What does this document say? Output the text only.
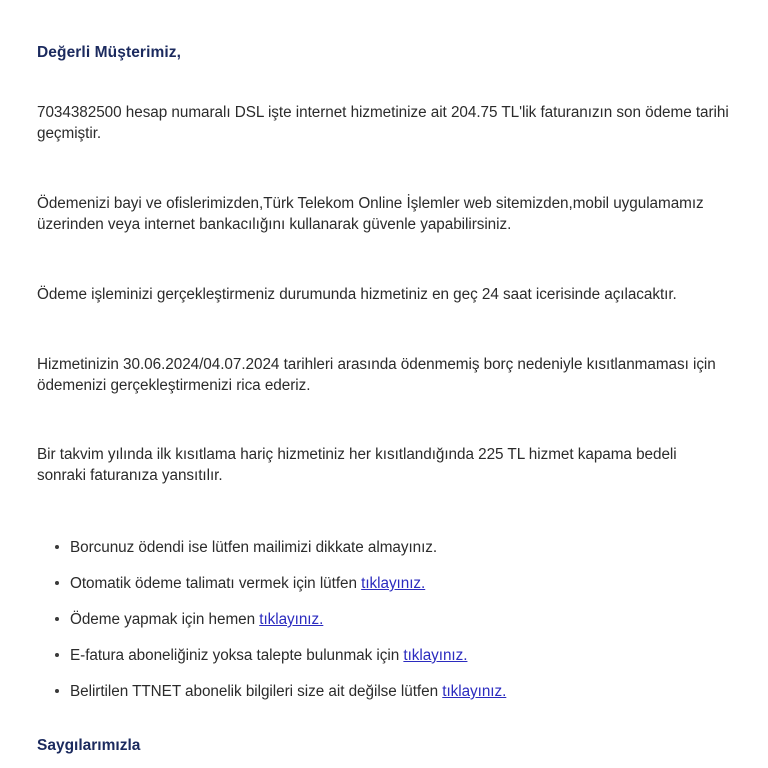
Değerli Müşterimiz,

7034382500 hesap numaralı DSL işte internet hizmetinize ait 204.75 TL'lik faturanızın son ödeme tarihi
geçmiştir.

Ödemenizi bayi ve ofislerimizden,Türk Telekom Online İşlemler web sitemizden,mobil uygulamamız
üzerinden veya internet bankacılığını kullanarak güvenle yapabilirsiniz.

Ödeme işleminizi gerçekleştirmeniz durumunda hizmetiniz en geç 24 saat icerisinde açılacaktır.

Hizmetinizin 30.06.2024/04.07.2024 tarihleri arasında ödenmemiş borç nedeniyle kısıtlanmaması için
ödemenizi gerçekleştirmenizi rica ederiz.

Bir takvim yılında ilk kısıtlama hariç hizmetiniz her kısıtlandığında 225 TL hizmet kapama bedeli
sonraki faturanıza yansıtılır.

Borcunuz ödendi ise lütfen mailimizi dikkate almayınız.
Otomatik ödeme talimatı vermek için lütfen tıklayınız.
Ödeme yapmak için hemen tıklayınız.
E-fatura aboneliğiniz yoksa talepte bulunmak için tıklayınız.
Belirtilen TTNET abonelik bilgileri size ait değilse lütfen tıklayınız.

Saygılarımızla
